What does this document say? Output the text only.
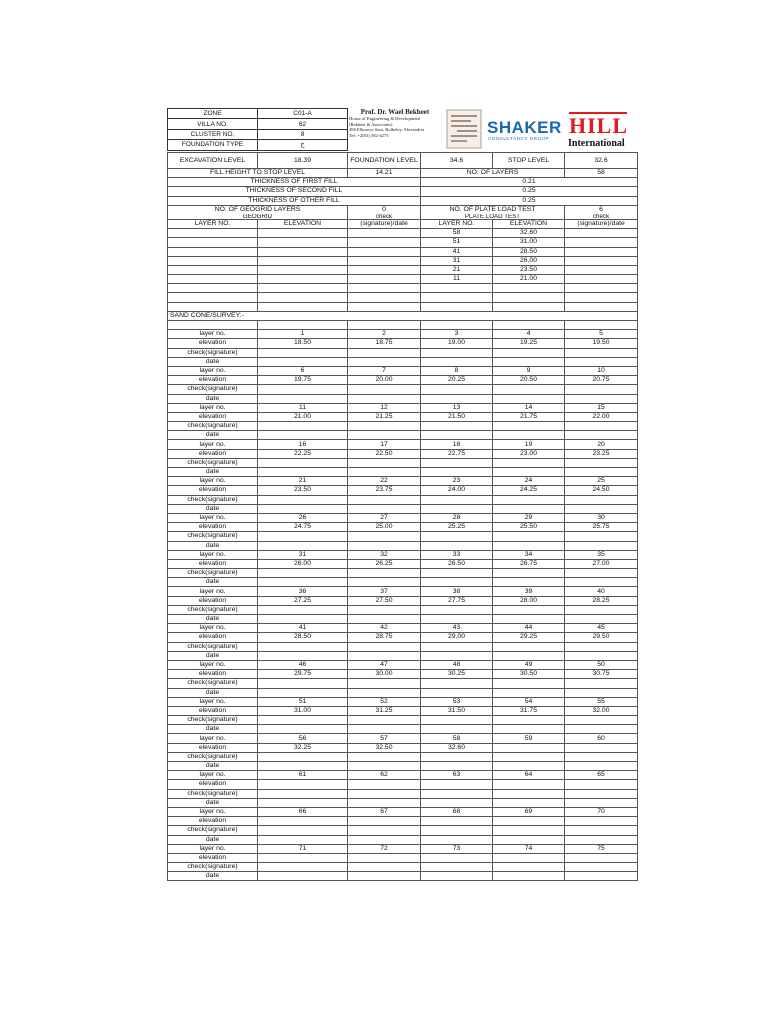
ZONE	C01-A
VILLA NO.	62
CLUSTER NO.	8
FOUNDATION TYPE	ج
Prof. Dr. Wael Bekheet
House of Engineering & Development
(Bekheet & Associates)
496 Elhoreya Saut, Bolkeley, Alexandria
Tel: +2(03) 582-4275	SHAKER
CONSULTANCY GROUP
HILL
International
EXCAVATION LEVEL	18.39	FOUNDATION LEVEL	34.6	STOP LEVEL	32.6
FILL HEIGHT TO STOP LEVEL		14.21	NO. OF LAYERS		58
THICKNESS OF FIRST FILL			0.21		
THICKNESS OF SECOND FILL			0.25		
THICKNESS OF OTHER FILL			0.25		
NO. OF GEOGRID LAYERS		0	NO. OF PLATE LOAD TEST		6
GEOGRID		check	PLATE LOAD TEST		check
LAYER NO.	ELEVATION	(signature)/date	LAYER NO.	ELEVATION	(signature)/date
			58	32.60	
			51	31.00	
			41	28.50	
			31	26.00	
			21	23.50	
			11	21.00	

SAND CONE/SURVEY:-					

layer no.	1	2	3	4	5
elevation	18.50	18.75	19.00	19.25	19.50
check(signature)					
date					
layer no.	6	7	8	9	10
elevation	19.75	20.00	20.25	20.50	20.75
check(signature)					
date					
layer no.	11	12	13	14	15
elevation	21.00	21.25	21.50	21.75	22.00
check(signature)					
date					
layer no.	16	17	18	19	20
elevation	22.25	22.50	22.75	23.00	23.25
check(signature)					
date					
layer no.	21	22	23	24	25
elevation	23.50	23.75	24.00	24.25	24.50
check(signature)					
date					
layer no.	26	27	28	29	30
elevation	24.75	25.00	25.25	25.50	25.75
check(signature)					
date					
layer no.	31	32	33	34	35
elevation	26.00	26.25	26.50	26.75	27.00
check(signature)					
date					
layer no.	36	37	38	39	40
elevation	27.25	27.50	27.75	28.00	28.25
check(signature)					
date					
layer no.	41	42	43	44	45
elevation	28.50	28.75	29.00	29.25	29.50
check(signature)					
date					
layer no.	46	47	48	49	50
elevation	29.75	30.00	30.25	30.50	30.75
check(signature)					
date					
layer no.	51	52	53	54	55
elevation	31.00	31.25	31.50	31.75	32.00
check(signature)					
date					
layer no.	56	57	58	59	60
elevation	32.25	32.50	32.60		
check(signature)					
date					
layer no.	61	62	63	64	65
elevation					
check(signature)					
date					
layer no.	66	67	68	69	70
elevation					
check(signature)					
date					
layer no.	71	72	73	74	75
elevation					
check(signature)					
date					
